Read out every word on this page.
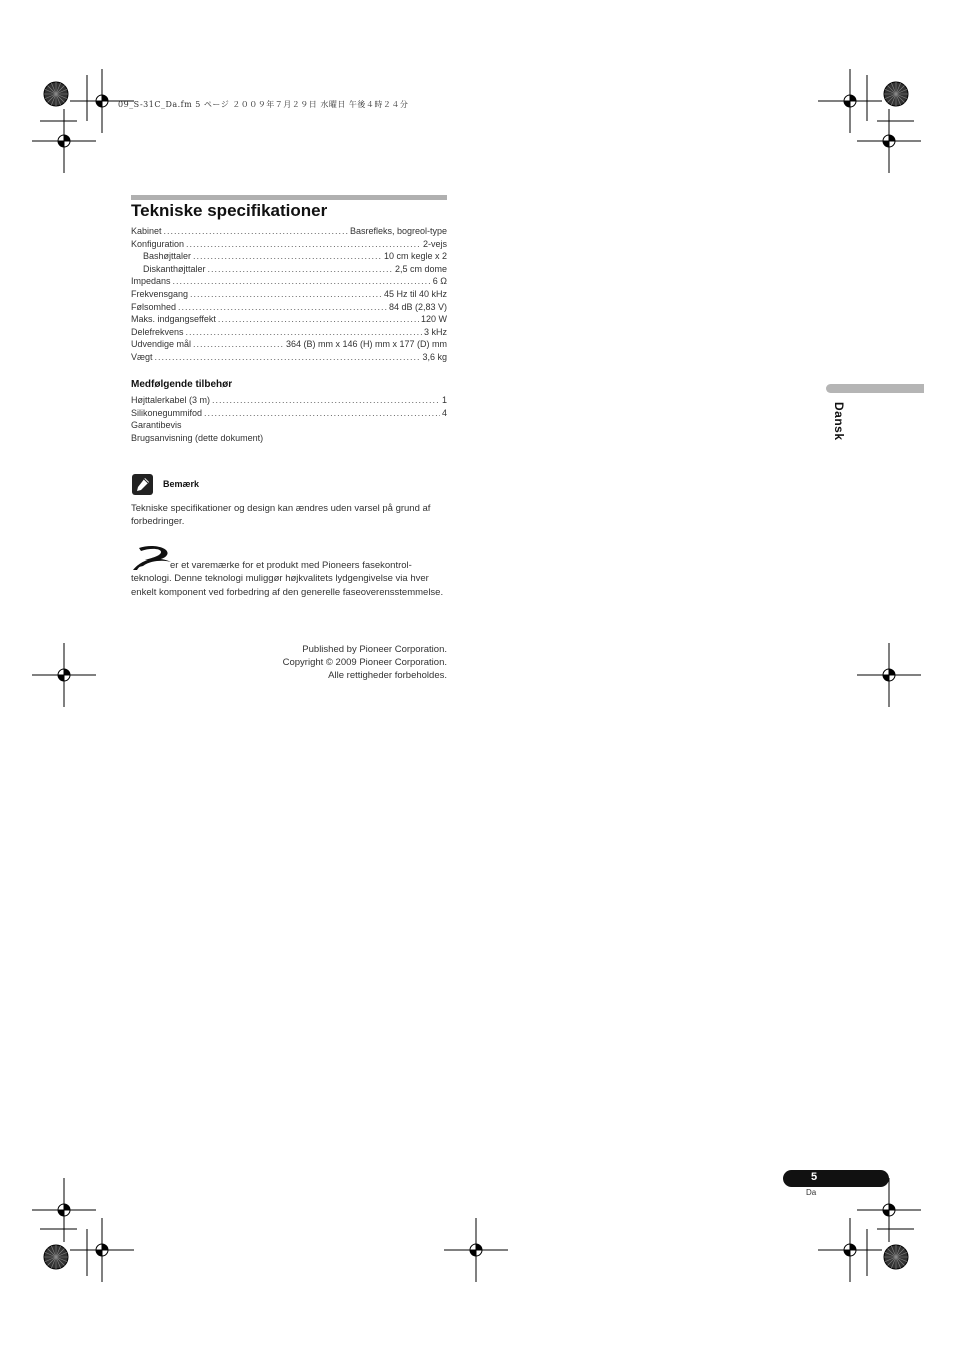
09_S-31C_Da.fm 5 ページ ２００９年７月２９日 水曜日 午後４時２４分
Tekniske specifikationer
Kabinet .....	Basrefleks, bogreol-type
Konfiguration .....	2-vejs
Bashøjttaler .....	10 cm kegle x 2
Diskanthøjttaler .....	2,5 cm dome
Impedans .....	6 Ω
Frekvensgang .....	45 Hz til 40 kHz
Følsomhed .....	84 dB (2,83 V)
Maks. indgangseffekt .....	120 W
Delefrekvens .....	3 kHz
Udvendige mål .....	364 (B) mm x 146 (H) mm x 177 (D) mm
Vægt .....	3,6 kg
Medfølgende tilbehør
Højttalerkabel (3 m) .....	1
Silikonegummifod .....	4
Garantibevis
Brugsanvisning (dette dokument)
Bemærk
Tekniske specifikationer og design kan ændres uden varsel på grund af forbedringer.
er et varemærke for et produkt med Pioneers fasekontrol-teknologi. Denne teknologi muliggør højkvalitets lydgengivelse via hver enkelt komponent ved forbedring af den generelle faseoverensstemmelse.
Published by Pioneer Corporation.
Copyright © 2009 Pioneer Corporation.
Alle rettigheder forbeholdes.
Dansk
5
Da
